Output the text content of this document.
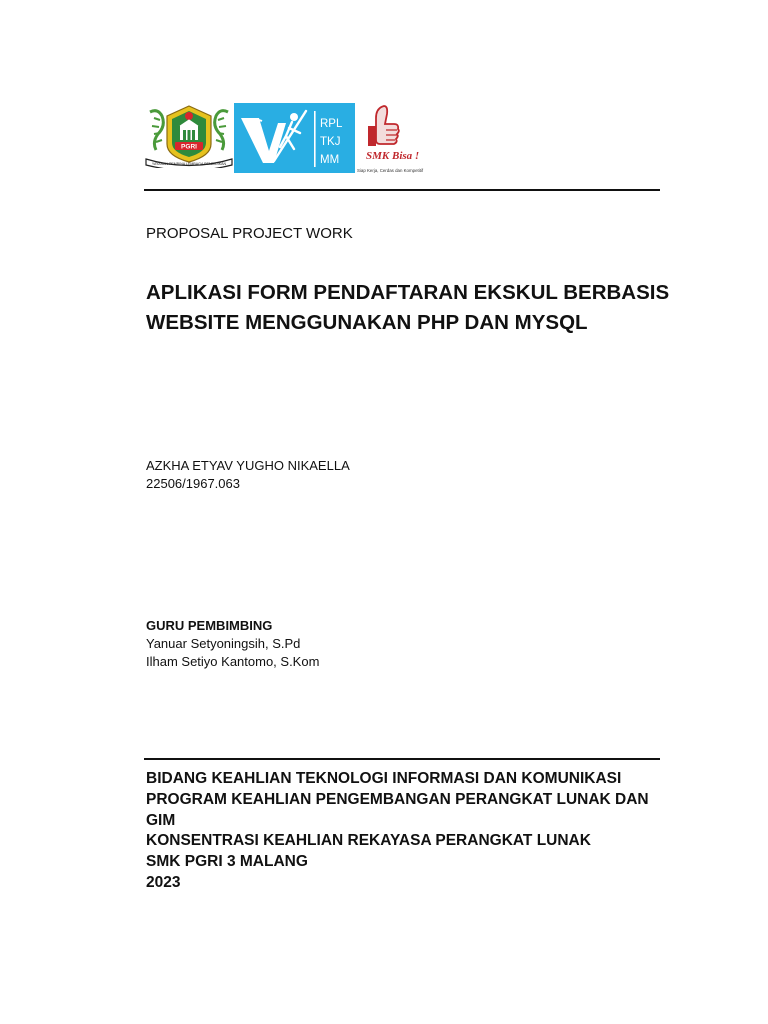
PGRI
YAYASAN PEMBINA LEMBAGA PENDIDIKAN
RPL
TKJ
MM SMK Bisa !
Siap Kerja, Cerdas dan Kompetitif
PROPOSAL PROJECT WORK
APLIKASI FORM PENDAFTARAN EKSKUL BERBASIS
WEBSITE MENGGUNAKAN PHP DAN MYSQL
AZKHA ETYAV YUGHO NIKAELLA
22506/1967.063
GURU PEMBIMBING
Yanuar Setyoningsih, S.Pd
Ilham Setiyo Kantomo, S.Kom
BIDANG KEAHLIAN TEKNOLOGI INFORMASI DAN KOMUNIKASI
PROGRAM KEAHLIAN PENGEMBANGAN PERANGKAT LUNAK DAN
GIM
KONSENTRASI KEAHLIAN REKAYASA PERANGKAT LUNAK
SMK PGRI 3 MALANG
2023
